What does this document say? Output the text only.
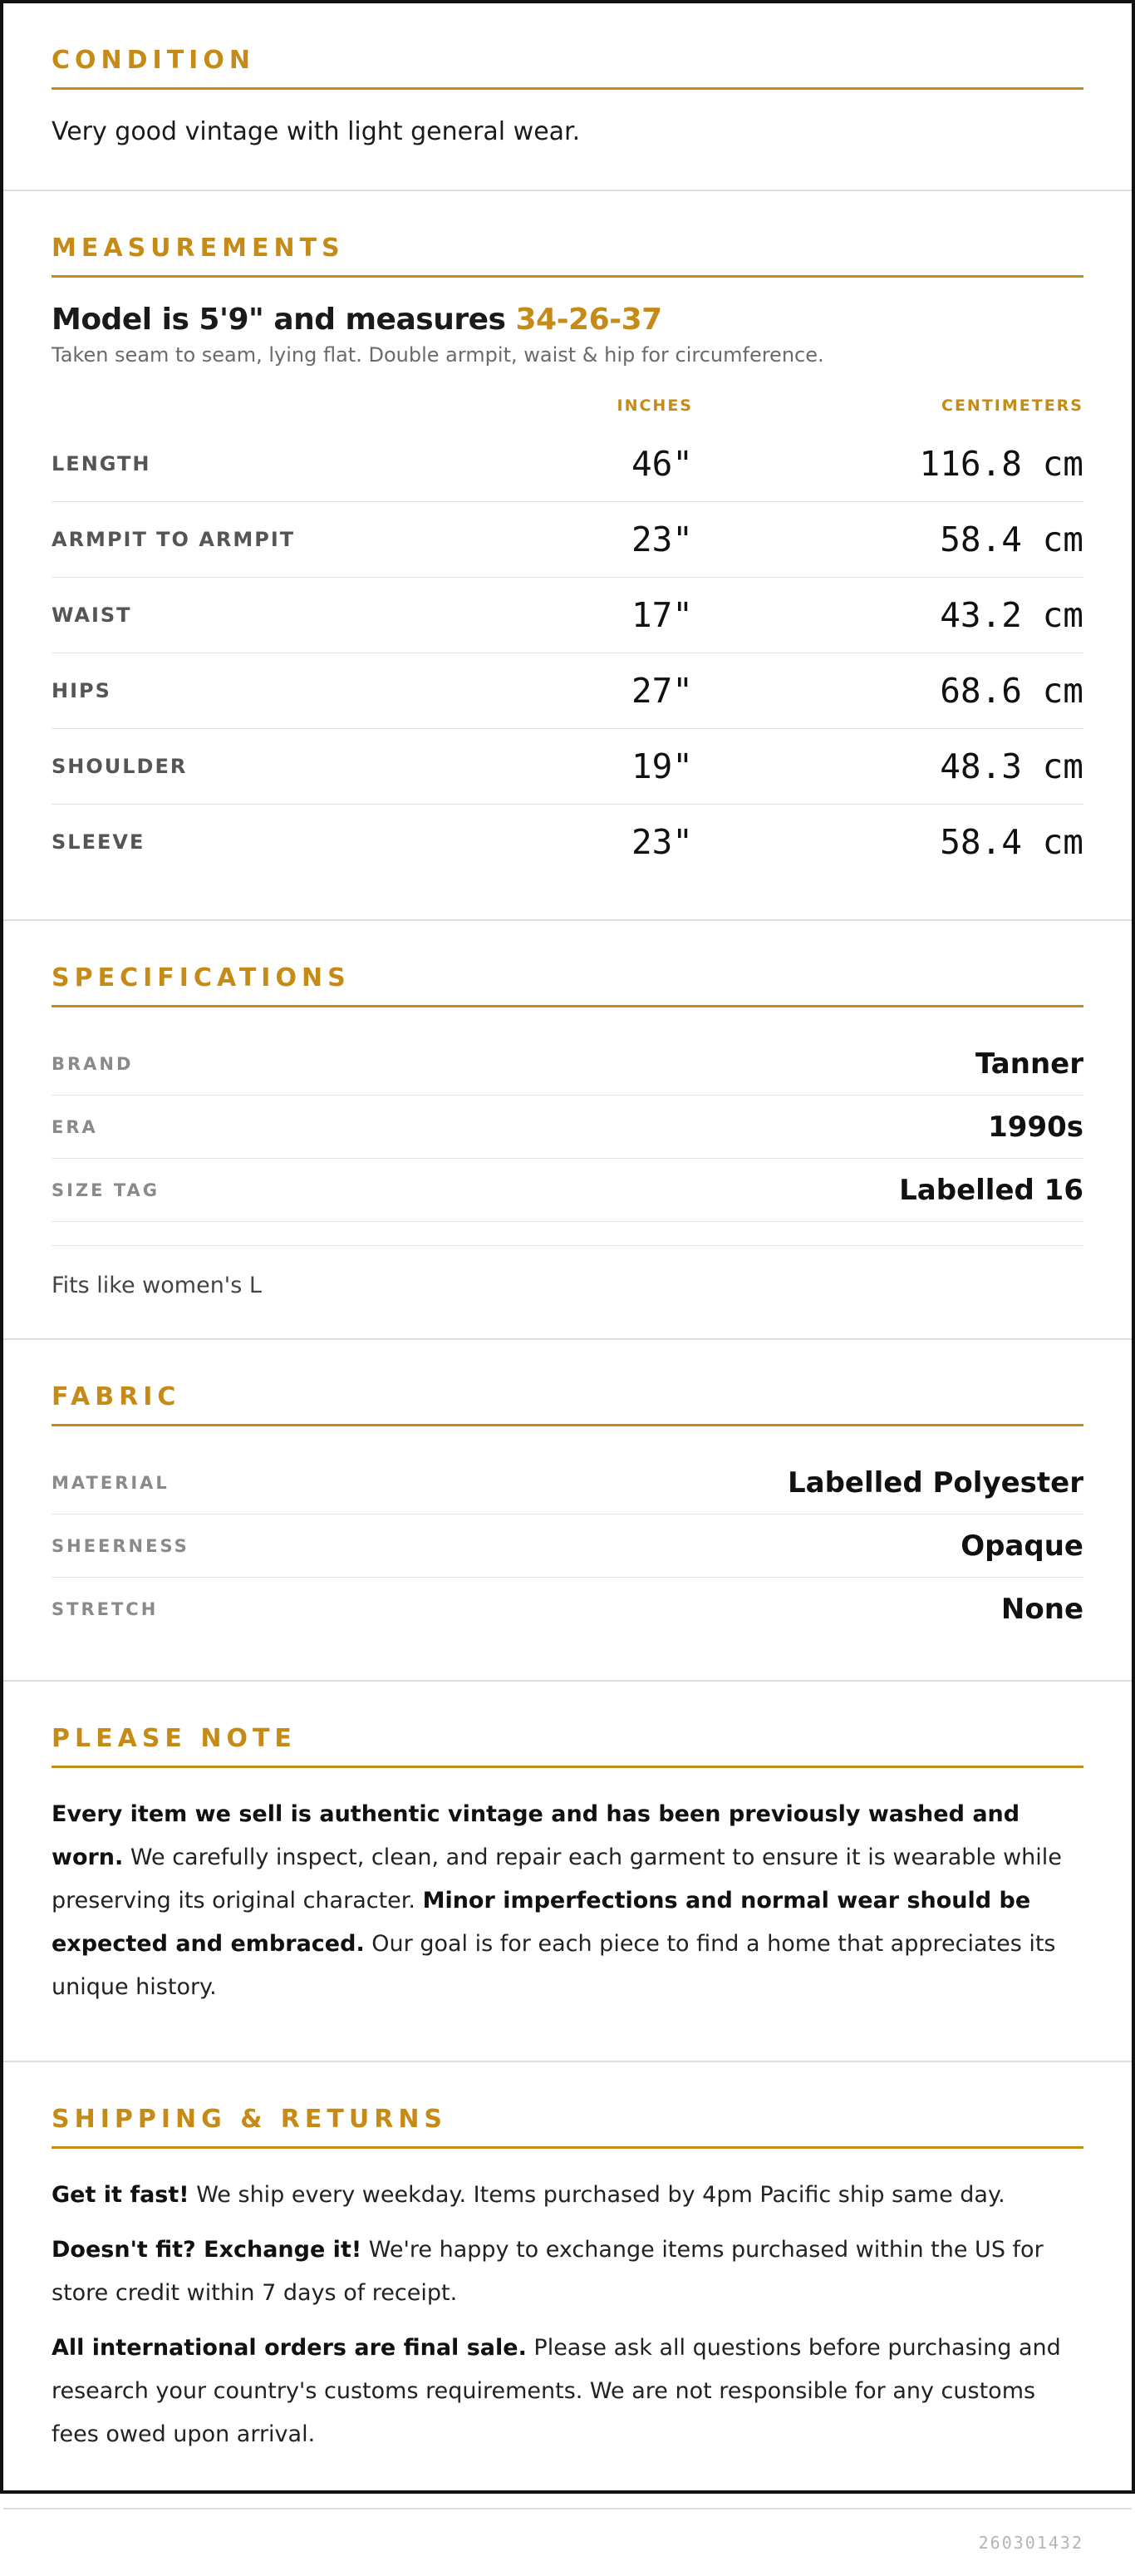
CONDITION

Very good vintage with light general wear.

MEASUREMENTS
Model is 5'9" and measures 34-26-37

Taken seam to seam, lying flat. Double armpit, waist & hip for circumference.

INCHES	CENTIMETERS
LENGTH	46"	116.8 cm
ARMPIT TO ARMPIT	23"	58.4 cm
WAIST	17"	43.2 cm
HIPS	27"	68.6 cm
SHOULDER	19"	48.3 cm
SLEEVE	23"	58.4 cm
SPECIFICATIONS
BRAND	Tanner
ERA	1990s
SIZE TAG	Labelled 16
Fits like women's L
FABRIC
MATERIAL	Labelled Polyester
SHEERNESS	Opaque
STRETCH	None
PLEASE NOTE

Every item we sell is authentic vintage and has been previously washed and worn. We carefully inspect, clean, and repair each garment to ensure it is wearable while preserving its original character. Minor imperfections and normal wear should be expected and embraced. Our goal is for each piece to find a home that appreciates its unique history.

SHIPPING & RETURNS

Get it fast! We ship every weekday. Items purchased by 4pm Pacific ship same day.

Doesn't fit? Exchange it! We're happy to exchange items purchased within the US for store credit within 7 days of receipt.

All international orders are final sale. Please ask all questions before purchasing and research your country's customs requirements. We are not responsible for any customs fees owed upon arrival.

260301432
